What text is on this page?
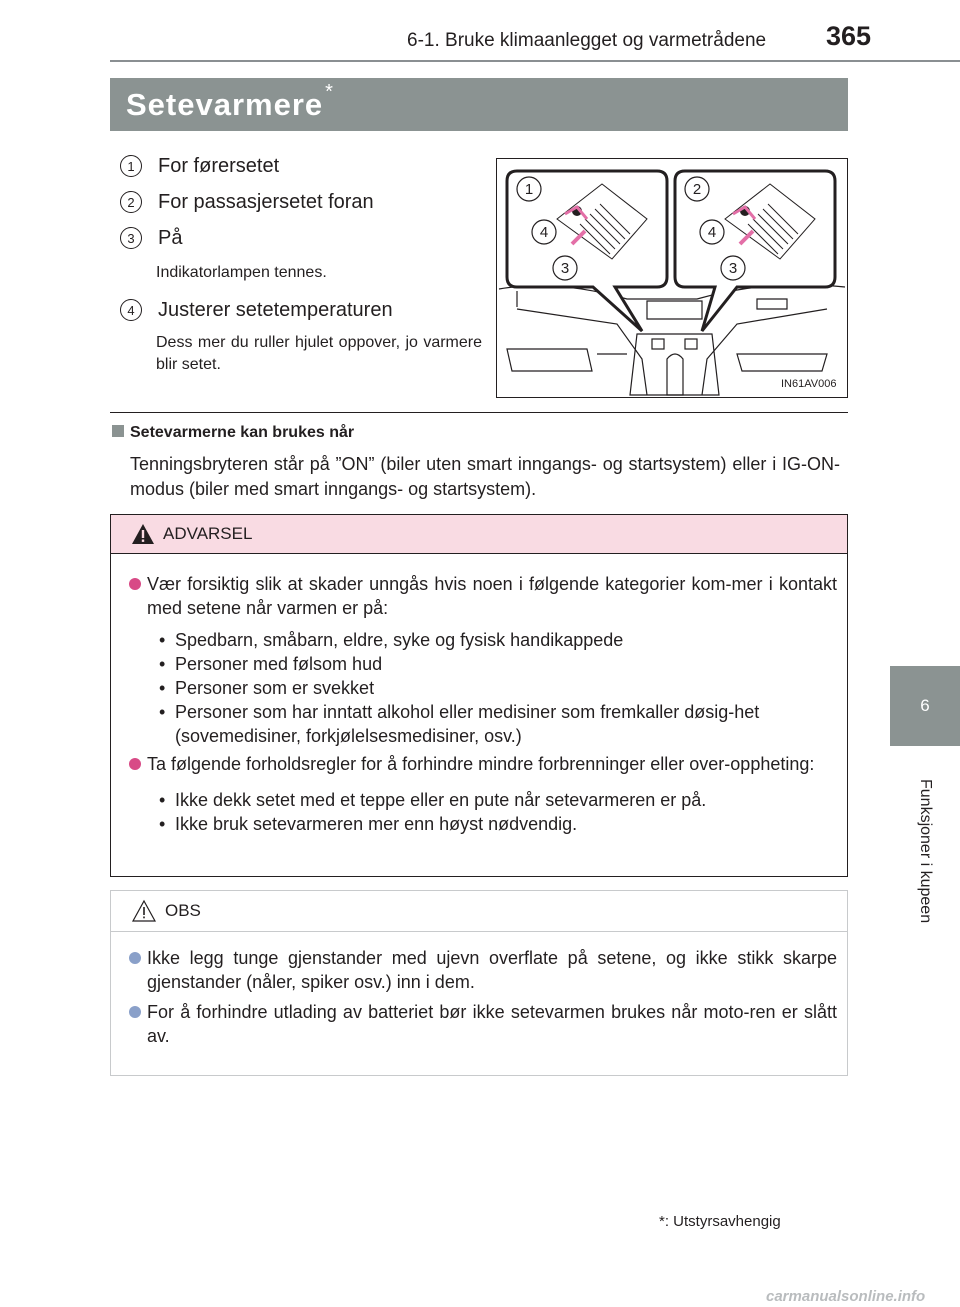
6-1. Bruke klimaanlegget og varmetrådene 365
Setevarmere *
6
Funksjoner i kupeen
1	For førersetet
2	For passasjersetet foran
3	På
Indikatorlampen tennes.
4	Justerer setetemperaturen
Dess mer du ruller hjulet oppover, jo varmere blir setet.
1
4
3
2
4
3
IN61AV006
Setevarmerne kan brukes når
Tenningsbryteren står på ”ON” (biler uten smart inngangs- og startsystem) eller i IG-ON-modus (biler med smart inngangs- og startsystem).
ADVARSEL
Vær forsiktig slik at skader unngås hvis noen i følgende kategorier kom-mer i kontakt med setene når varmen er på:
• Spedbarn, småbarn, eldre, syke og fysisk handikappede
• Personer med følsom hud
• Personer som er svekket
• Personer som har inntatt alkohol eller medisiner som fremkaller døsig-het (sovemedisiner, forkjølelsesmedisiner, osv.)
Ta følgende forholdsregler for å forhindre mindre forbrenninger eller over-oppheting:
• Ikke dekk setet med et teppe eller en pute når setevarmeren er på.
• Ikke bruk setevarmeren mer enn høyst nødvendig.
OBS
Ikke legg tunge gjenstander med ujevn overflate på setene, og ikke stikk skarpe gjenstander (nåler, spiker osv.) inn i dem.
For å forhindre utlading av batteriet bør ikke setevarmen brukes når moto-ren er slått av.
*: Utstyrsavhengig
carmanualsonline.info
